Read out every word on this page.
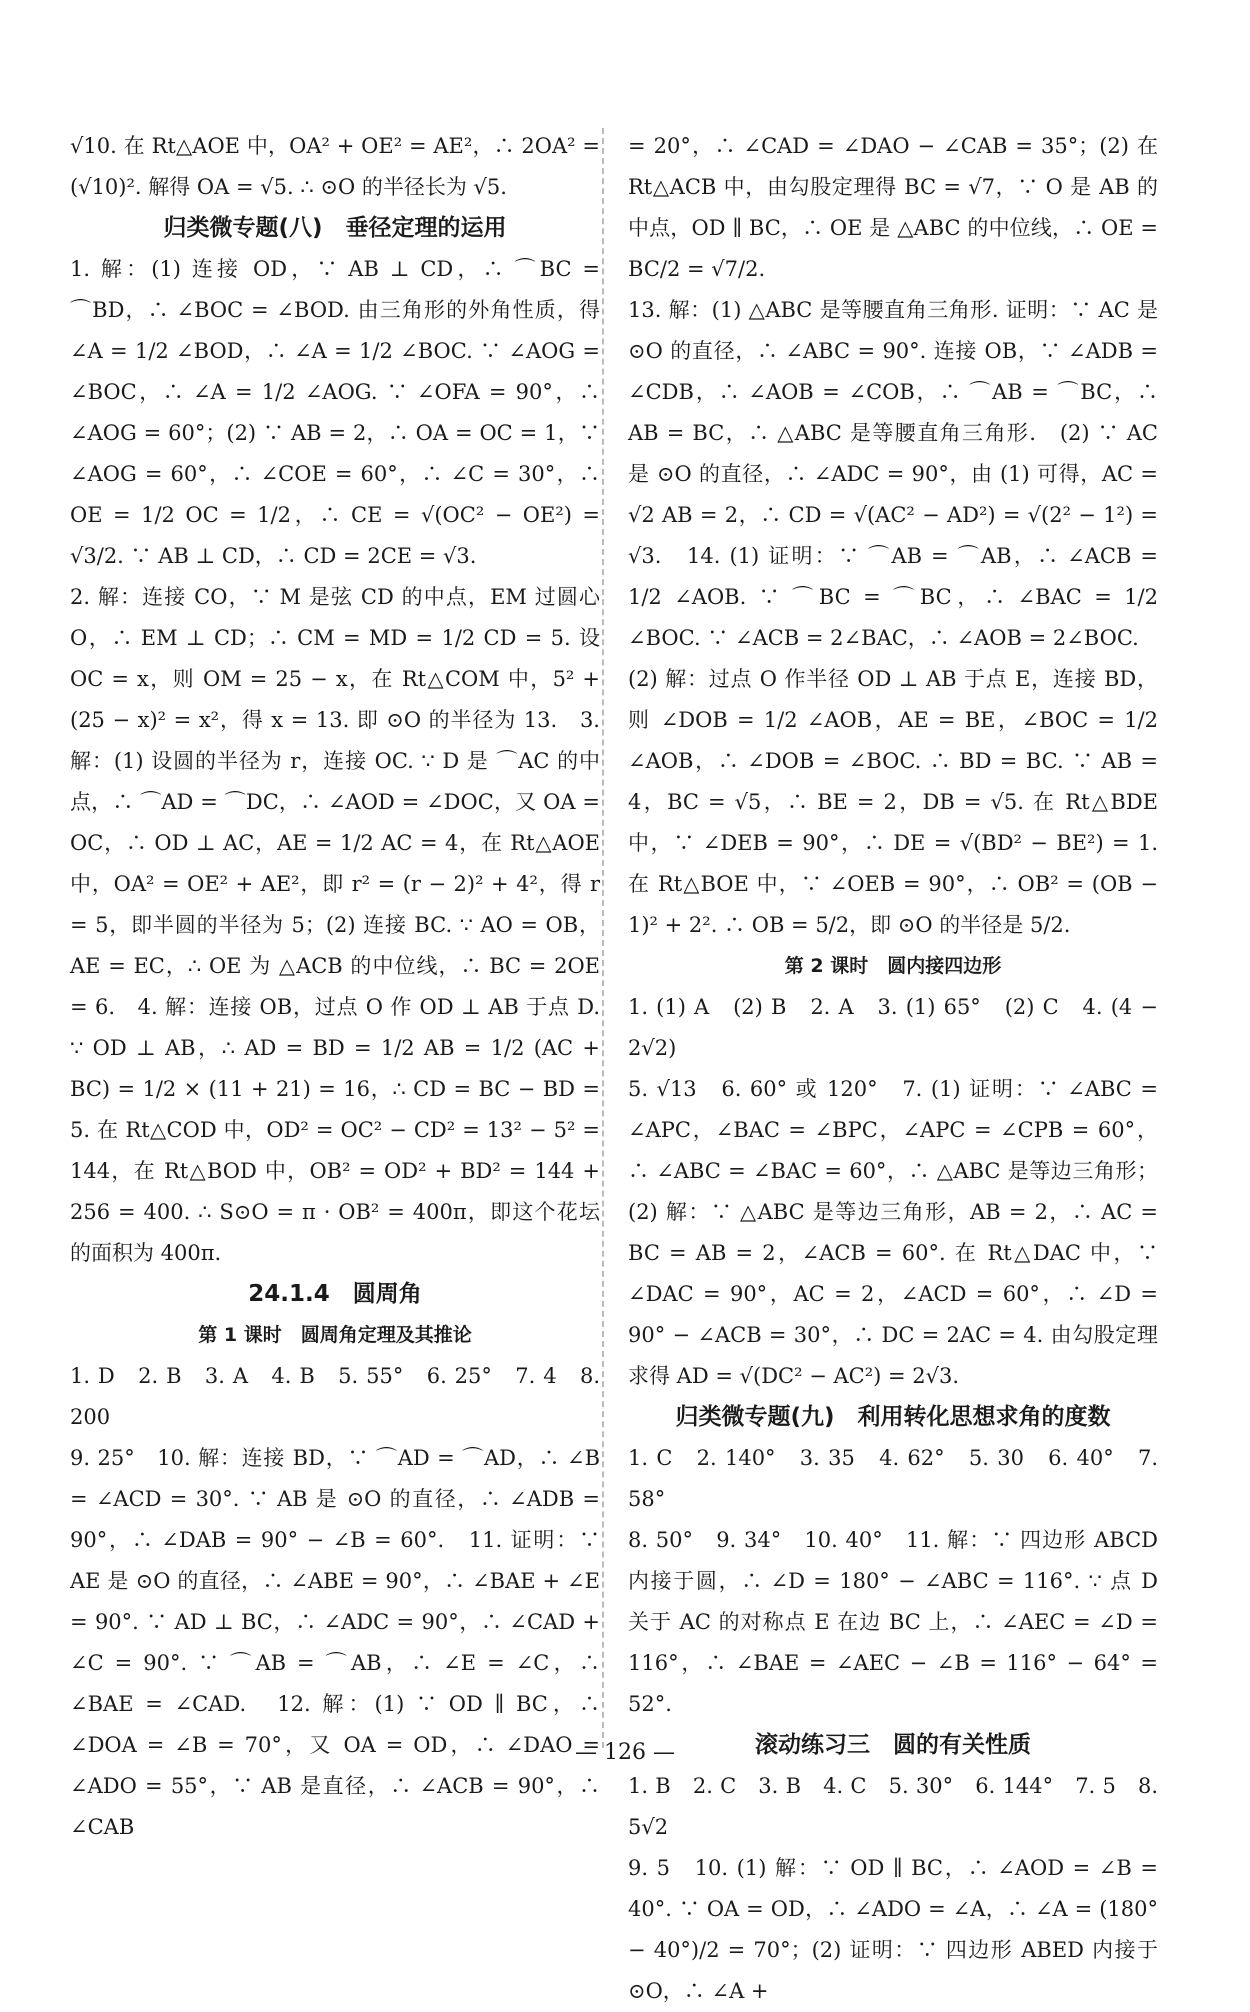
√10. 在 Rt△AOE 中，OA² + OE² = AE²，∴ 2OA² = (√10)². 解得 OA = √5. ∴ ⊙O 的半径长为 √5.

归类微专题(八)　垂径定理的运用

1. 解：(1) 连接 OD，∵ AB ⊥ CD，∴ ⌒BC = ⌒BD，∴ ∠BOC = ∠BOD. 由三角形的外角性质，得 ∠A = 1/2 ∠BOD，∴ ∠A = 1/2 ∠BOC. ∵ ∠AOG = ∠BOC，∴ ∠A = 1/2 ∠AOG. ∵ ∠OFA = 90°，∴ ∠AOG = 60°；(2) ∵ AB = 2，∴ OA = OC = 1，∵ ∠AOG = 60°，∴ ∠COE = 60°，∴ ∠C = 30°，∴ OE = 1/2 OC = 1/2，∴ CE = √(OC² − OE²) = √3/2. ∵ AB ⊥ CD，∴ CD = 2CE = √3.

2. 解：连接 CO，∵ M 是弦 CD 的中点，EM 过圆心 O，∴ EM ⊥ CD；∴ CM = MD = 1/2 CD = 5. 设 OC = x，则 OM = 25 − x，在 Rt△COM 中，5² + (25 − x)² = x²，得 x = 13. 即 ⊙O 的半径为 13.　3. 解：(1) 设圆的半径为 r，连接 OC. ∵ D 是 ⌒AC 的中点，∴ ⌒AD = ⌒DC，∴ ∠AOD = ∠DOC，又 OA = OC，∴ OD ⊥ AC，AE = 1/2 AC = 4，在 Rt△AOE 中，OA² = OE² + AE²，即 r² = (r − 2)² + 4²，得 r = 5，即半圆的半径为 5；(2) 连接 BC. ∵ AO = OB，AE = EC，∴ OE 为 △ACB 的中位线，∴ BC = 2OE = 6.　4. 解：连接 OB，过点 O 作 OD ⊥ AB 于点 D. ∵ OD ⊥ AB，∴ AD = BD = 1/2 AB = 1/2 (AC + BC) = 1/2 × (11 + 21) = 16，∴ CD = BC − BD = 5. 在 Rt△COD 中，OD² = OC² − CD² = 13² − 5² = 144，在 Rt△BOD 中，OB² = OD² + BD² = 144 + 256 = 400. ∴ S⊙O = π · OB² = 400π，即这个花坛的面积为 400π.

24.1.4　圆周角

第 1 课时　圆周角定理及其推论

1. D　2. B　3. A　4. B　5. 55°　6. 25°　7. 4　8. 200

9. 25°　10. 解：连接 BD，∵ ⌒AD = ⌒AD，∴ ∠B = ∠ACD = 30°. ∵ AB 是 ⊙O 的直径，∴ ∠ADB = 90°，∴ ∠DAB = 90° − ∠B = 60°.　11. 证明：∵ AE 是 ⊙O 的直径，∴ ∠ABE = 90°，∴ ∠BAE + ∠E = 90°. ∵ AD ⊥ BC，∴ ∠ADC = 90°，∴ ∠CAD + ∠C = 90°. ∵ ⌒AB = ⌒AB，∴ ∠E = ∠C，∴ ∠BAE = ∠CAD.　12. 解：(1) ∵ OD ∥ BC，∴ ∠DOA = ∠B = 70°，又 OA = OD，∴ ∠DAO = ∠ADO = 55°，∵ AB 是直径，∴ ∠ACB = 90°，∴ ∠CAB

= 20°，∴ ∠CAD = ∠DAO − ∠CAB = 35°；(2) 在 Rt△ACB 中，由勾股定理得 BC = √7，∵ O 是 AB 的中点，OD ∥ BC，∴ OE 是 △ABC 的中位线，∴ OE = BC/2 = √7/2.

13. 解：(1) △ABC 是等腰直角三角形. 证明：∵ AC 是 ⊙O 的直径，∴ ∠ABC = 90°. 连接 OB，∵ ∠ADB = ∠CDB，∴ ∠AOB = ∠COB，∴ ⌒AB = ⌒BC，∴ AB = BC，∴ △ABC 是等腰直角三角形.　(2) ∵ AC 是 ⊙O 的直径，∴ ∠ADC = 90°，由 (1) 可得，AC = √2 AB = 2，∴ CD = √(AC² − AD²) = √(2² − 1²) = √3.　14. (1) 证明：∵ ⌒AB = ⌒AB，∴ ∠ACB = 1/2 ∠AOB. ∵ ⌒BC = ⌒BC，∴ ∠BAC = 1/2 ∠BOC. ∵ ∠ACB = 2∠BAC，∴ ∠AOB = 2∠BOC.

(2) 解：过点 O 作半径 OD ⊥ AB 于点 E，连接 BD，则 ∠DOB = 1/2 ∠AOB，AE = BE，∠BOC = 1/2 ∠AOB，∴ ∠DOB = ∠BOC. ∴ BD = BC. ∵ AB = 4，BC = √5，∴ BE = 2，DB = √5. 在 Rt△BDE 中，∵ ∠DEB = 90°，∴ DE = √(BD² − BE²) = 1. 在 Rt△BOE 中，∵ ∠OEB = 90°，∴ OB² = (OB − 1)² + 2². ∴ OB = 5/2，即 ⊙O 的半径是 5/2.

第 2 课时　圆内接四边形

1. (1) A　(2) B　2. A　3. (1) 65°　(2) C　4. (4 − 2√2)

5. √13　6. 60° 或 120°　7. (1) 证明：∵ ∠ABC = ∠APC，∠BAC = ∠BPC，∠APC = ∠CPB = 60°，∴ ∠ABC = ∠BAC = 60°，∴ △ABC 是等边三角形；(2) 解：∵ △ABC 是等边三角形，AB = 2，∴ AC = BC = AB = 2，∠ACB = 60°. 在 Rt△DAC 中，∵ ∠DAC = 90°，AC = 2，∠ACD = 60°，∴ ∠D = 90° − ∠ACB = 30°，∴ DC = 2AC = 4. 由勾股定理求得 AD = √(DC² − AC²) = 2√3.

归类微专题(九)　利用转化思想求角的度数

1. C　2. 140°　3. 35　4. 62°　5. 30　6. 40°　7. 58°

8. 50°　9. 34°　10. 40°　11. 解：∵ 四边形 ABCD 内接于圆，∴ ∠D = 180° − ∠ABC = 116°. ∵ 点 D 关于 AC 的对称点 E 在边 BC 上，∴ ∠AEC = ∠D = 116°，∴ ∠BAE = ∠AEC − ∠B = 116° − 64° = 52°.

滚动练习三　圆的有关性质

1. B　2. C　3. B　4. C　5. 30°　6. 144°　7. 5　8. 5√2

9. 5　10. (1) 解：∵ OD ∥ BC，∴ ∠AOD = ∠B = 40°. ∵ OA = OD，∴ ∠ADO = ∠A，∴ ∠A = (180° − 40°)/2 = 70°；(2) 证明：∵ 四边形 ABED 内接于 ⊙O，∴ ∠A +

— 126 —
